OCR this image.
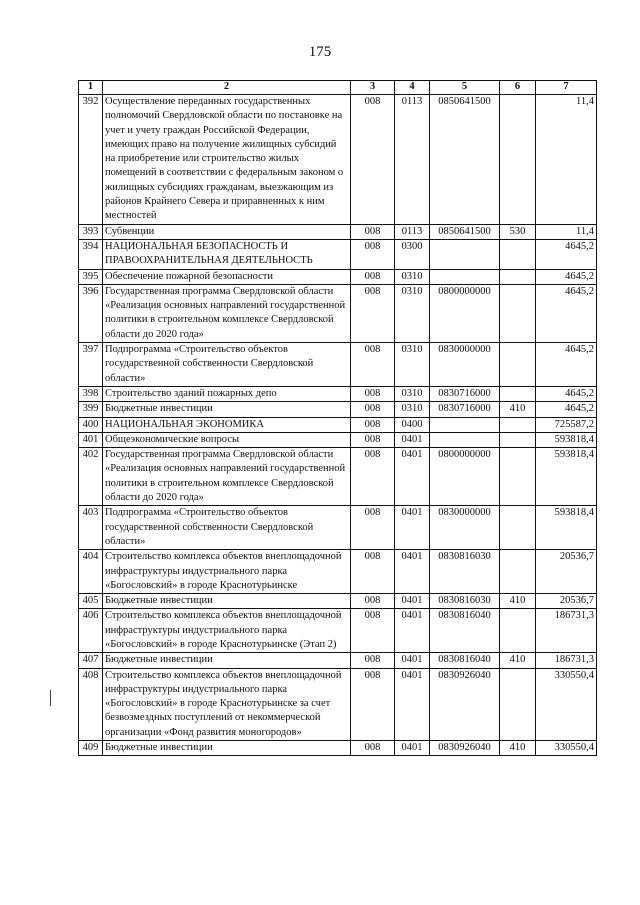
175
1	2	3	4	5	6	7
392	Осуществление переданных государственных полномочий Свердловской области по постановке на учет и учету граждан Российской Федерации, имеющих право на получение жилищных субсидий на приобретение или строительство жилых помещений в соответствии с федеральным законом о жилищных субсидиях гражданам, выезжающим из районов Крайнего Севера и приравненных к ним местностей	008	0113	0850641500		11,4
393	Субвенции	008	0113	0850641500	530	11,4
394	НАЦИОНАЛЬНАЯ БЕЗОПАСНОСТЬ И ПРАВООХРАНИТЕЛЬНАЯ ДЕЯТЕЛЬНОСТЬ	008	0300			4645,2
395	Обеспечение пожарной безопасности	008	0310			4645,2
396	Государственная программа Свердловской области «Реализация основных направлений государственной политики в строительном комплексе Свердловской области до 2020 года»	008	0310	0800000000		4645,2
397	Подпрограмма «Строительство объектов государственной собственности Свердловской области»	008	0310	0830000000		4645,2
398	Строительство зданий пожарных депо	008	0310	0830716000		4645,2
399	Бюджетные инвестиции	008	0310	0830716000	410	4645,2
400	НАЦИОНАЛЬНАЯ ЭКОНОМИКА	008	0400			725587,2
401	Общеэкономические вопросы	008	0401			593818,4
402	Государственная программа Свердловской области «Реализация основных направлений государственной политики в строительном комплексе Свердловской области до 2020 года»	008	0401	0800000000		593818,4
403	Подпрограмма «Строительство объектов государственной собственности Свердловской области»	008	0401	0830000000		593818,4
404	Строительство комплекса объектов внеплощадочной инфраструктуры индустриального парка «Богословский» в городе Краснотурьинске	008	0401	0830816030		20536,7
405	Бюджетные инвестиции	008	0401	0830816030	410	20536,7
406	Строительство комплекса объектов внеплощадочной инфраструктуры индустриального парка «Богословский» в городе Краснотурьинске (Этап 2)	008	0401	0830816040		186731,3
407	Бюджетные инвестиции	008	0401	0830816040	410	186731,3
408	Строительство комплекса объектов внеплощадочной инфраструктуры индустриального парка «Богословский» в городе Краснотурьинске за счет безвозмездных поступлений от некоммерческой организации «Фонд развития моногородов»	008	0401	0830926040		330550,4
409	Бюджетные инвестиции	008	0401	0830926040	410	330550,4
